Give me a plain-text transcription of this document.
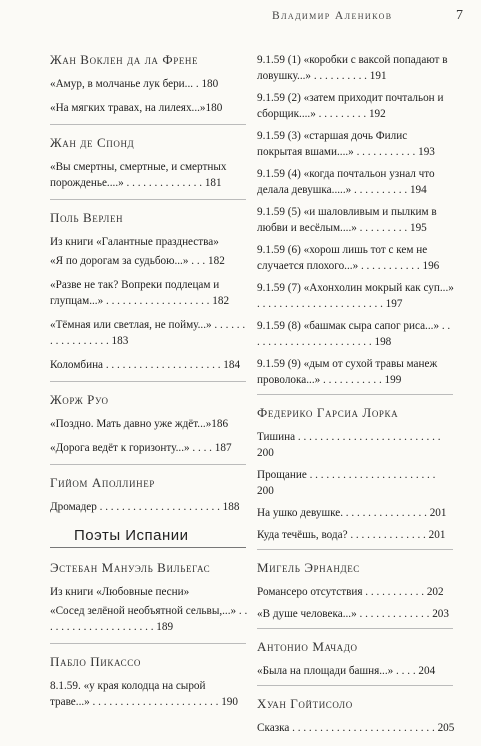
Владимир Алеников	7
Жан Воклен да ла Френе
«Амур, в молчанье лук бери... . 180
«На мягких травах, на лилеях...»180
Жан де Спонд
«Вы смертны, смертные, и смертных порожденье....» . . . . . . . . . . . . . . 181
Поль Верлен
Из книги «Галантные празднества»
«Я по дорогам за судьбою...» . . . 182
«Разве не так? Вопреки подлецам и глупцам...» . . . . . . . . . . . . . . . . . . . 182
«Тёмная или светлая, не пойму...» . . . . . . . . . . . . . . . . . 183
Коломбина . . . . . . . . . . . . . . . . . . . . . 184
Жорж Руо
«Поздно. Мать давно уже ждёт...»186
«Дорога ведёт к горизонту...» . . . . 187
Гийом Аполлинер
Дромадер . . . . . . . . . . . . . . . . . . . . . . 188
Поэты Испании
Эстебан Мануэль Вильегас
Из книги «Любовные песни»
«Сосед зелёной необъятной сельвы,...» . . . . . . . . . . . . . . . . . . . . . 189
Пабло Пикассо
8.1.59. «у края колодца на сырой траве...» . . . . . . . . . . . . . . . . . . . . . . . 190
9.1.59 (1) «коробки с ваксой попадают в ловушку...» . . . . . . . . . . 191
9.1.59 (2) «затем приходит почтальон и сборщик....» . . . . . . . . . 192
9.1.59 (3) «старшая дочь Филис покрытая вшами....» . . . . . . . . . . . 193
9.1.59 (4) «когда почтальон узнал что делала девушка.....» . . . . . . . . . . 194
9.1.59 (5) «и шаловливым и пылким в любви и весёлым....» . . . . . . . . . 195
9.1.59 (6) «хорош лишь тот с кем не случается плохого...» . . . . . . . . . . . 196
9.1.59 (7) «Ахонхолин мокрый как суп...» . . . . . . . . . . . . . . . . . . . . . . . 197
9.1.59 (8) «башмак сыра сапог риса...» . . . . . . . . . . . . . . . . . . . . . . . 198
9.1.59 (9) «дым от сухой травы манеж проволока...» . . . . . . . . . . . 199
Федерико Гарсиа Лорка
Тишина . . . . . . . . . . . . . . . . . . . . . . . . . . 200
Прощание . . . . . . . . . . . . . . . . . . . . . . . 200
На ушко девушке. . . . . . . . . . . . . . . . 201
Куда течёшь, вода? . . . . . . . . . . . . . . 201
Мигель Эрнандес
Романсеро отсутствия . . . . . . . . . . . 202
«В душе человека...» . . . . . . . . . . . . . 203
Антонио Мачадо
«Была на площади башня...» . . . . 204
Хуан Гойтисоло
Сказка . . . . . . . . . . . . . . . . . . . . . . . . . . 205
